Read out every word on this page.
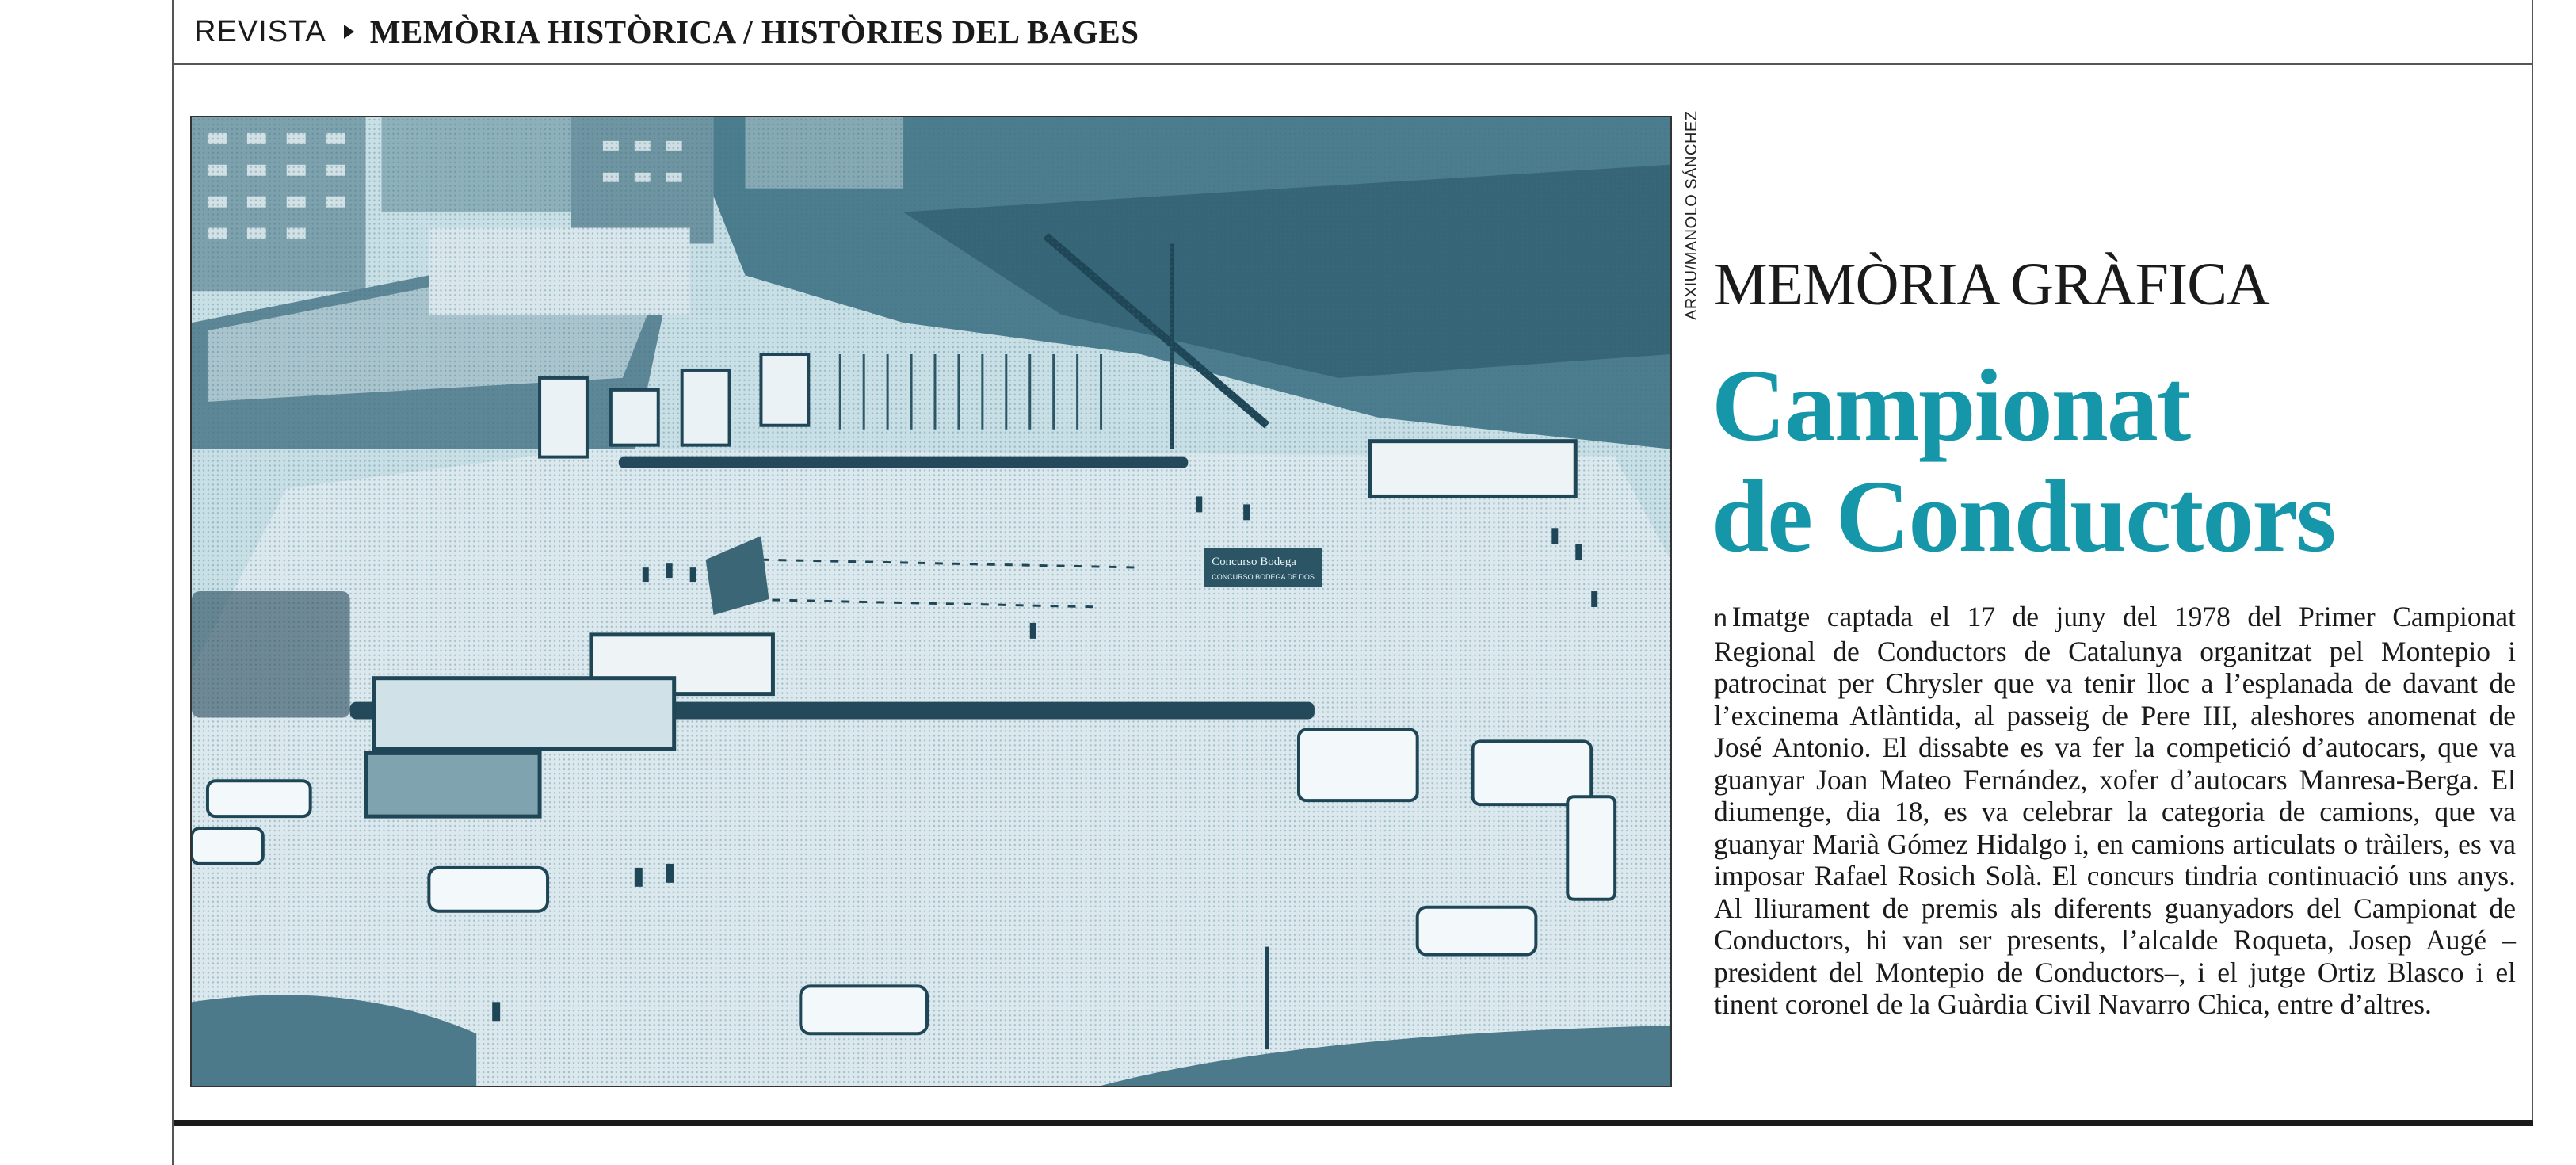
REVISTA MEMÒRIA HISTÒRICA / HISTÒRIES DEL BAGES
Concurso Bodega
CONCURSO BODEGA DE DOS
ARXIU/MANOLO SÁNCHEZ MEMÒRIA GRÀFICA
Campionat
de Conductors
n Imatge captada el 17 de juny del 1978 del Primer Campionat Regional de Conductors de Catalunya organitzat pel Montepio i patrocinat per Chrysler que va tenir lloc a l’esplanada de davant de l’excinema Atlàntida, al passeig de Pere III, aleshores anomenat de José Antonio. El dissabte es va fer la competició d’autocars, que va guanyar Joan Mateo Fernández, xofer d’autocars Manresa-Berga. El diumenge, dia 18, es va celebrar la categoria de camions, que va guanyar Marià Gómez Hidalgo i, en camions articulats o tràilers, es va imposar Rafael Rosich Solà. El concurs tindria continuació uns anys. Al lliurament de premis als diferents guanyadors del Campionat de Conductors, hi van ser presents, l’alcalde Roqueta, Josep Augé –president del Montepio de Conductors–, i el jutge Ortiz Blasco i el tinent coronel de la Guàrdia Civil Navarro Chica, entre d’altres.
